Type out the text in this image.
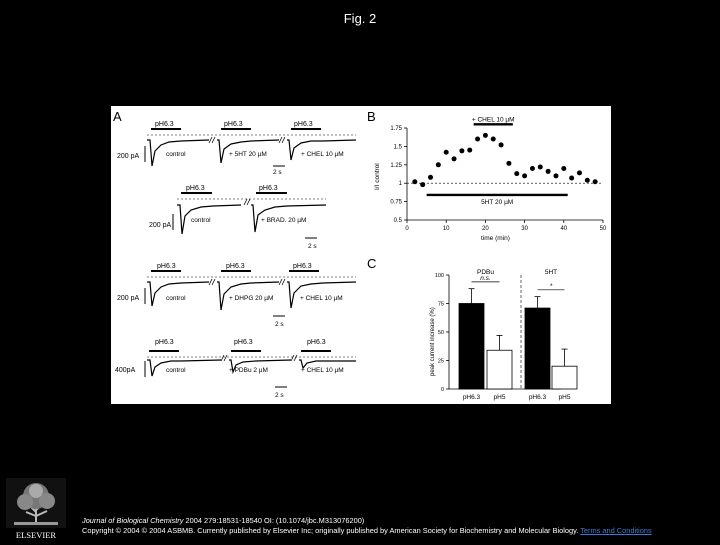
Fig. 2
A
pH6.3	pH6.3	pH6.3
200 pA	control	+ 5HT 20 µM	+ CHEL 10 µM
2 s
pH6.3	pH6.3
200 pA
control	+ BRAD. 20 µM
2 s
pH6.3	pH6.3	pH6.3
200 pA	control	+ DHPG 20 µM	+ CHEL 10 µM
2 s
pH6.3	pH6.3	pH6.3
400pA	control	+ PDBu 2 µM	+ CHEL 10 µM
2 s
B
0.5
0.75
1
1.25
1.5
1.75
0	10	20	30	40	50
+ CHEL 10 µM
5HT 20 µM
I/I control
time (min)
C
0
25
50
75
100
pH6.3 pH5	pH6.3 pH5
PDBu
n.s.
5HT
*
peak current increase (%)
ELSEVIER
Journal of Biological Chemistry 2004 279:18531-18540 OI: (10.1074/jbc.M313076200)
Copyright © 2004 © 2004 ASBMB. Currently published by Elsevier Inc; originally published by American Society for Biochemistry and Molecular Biology. Terms and Conditions
